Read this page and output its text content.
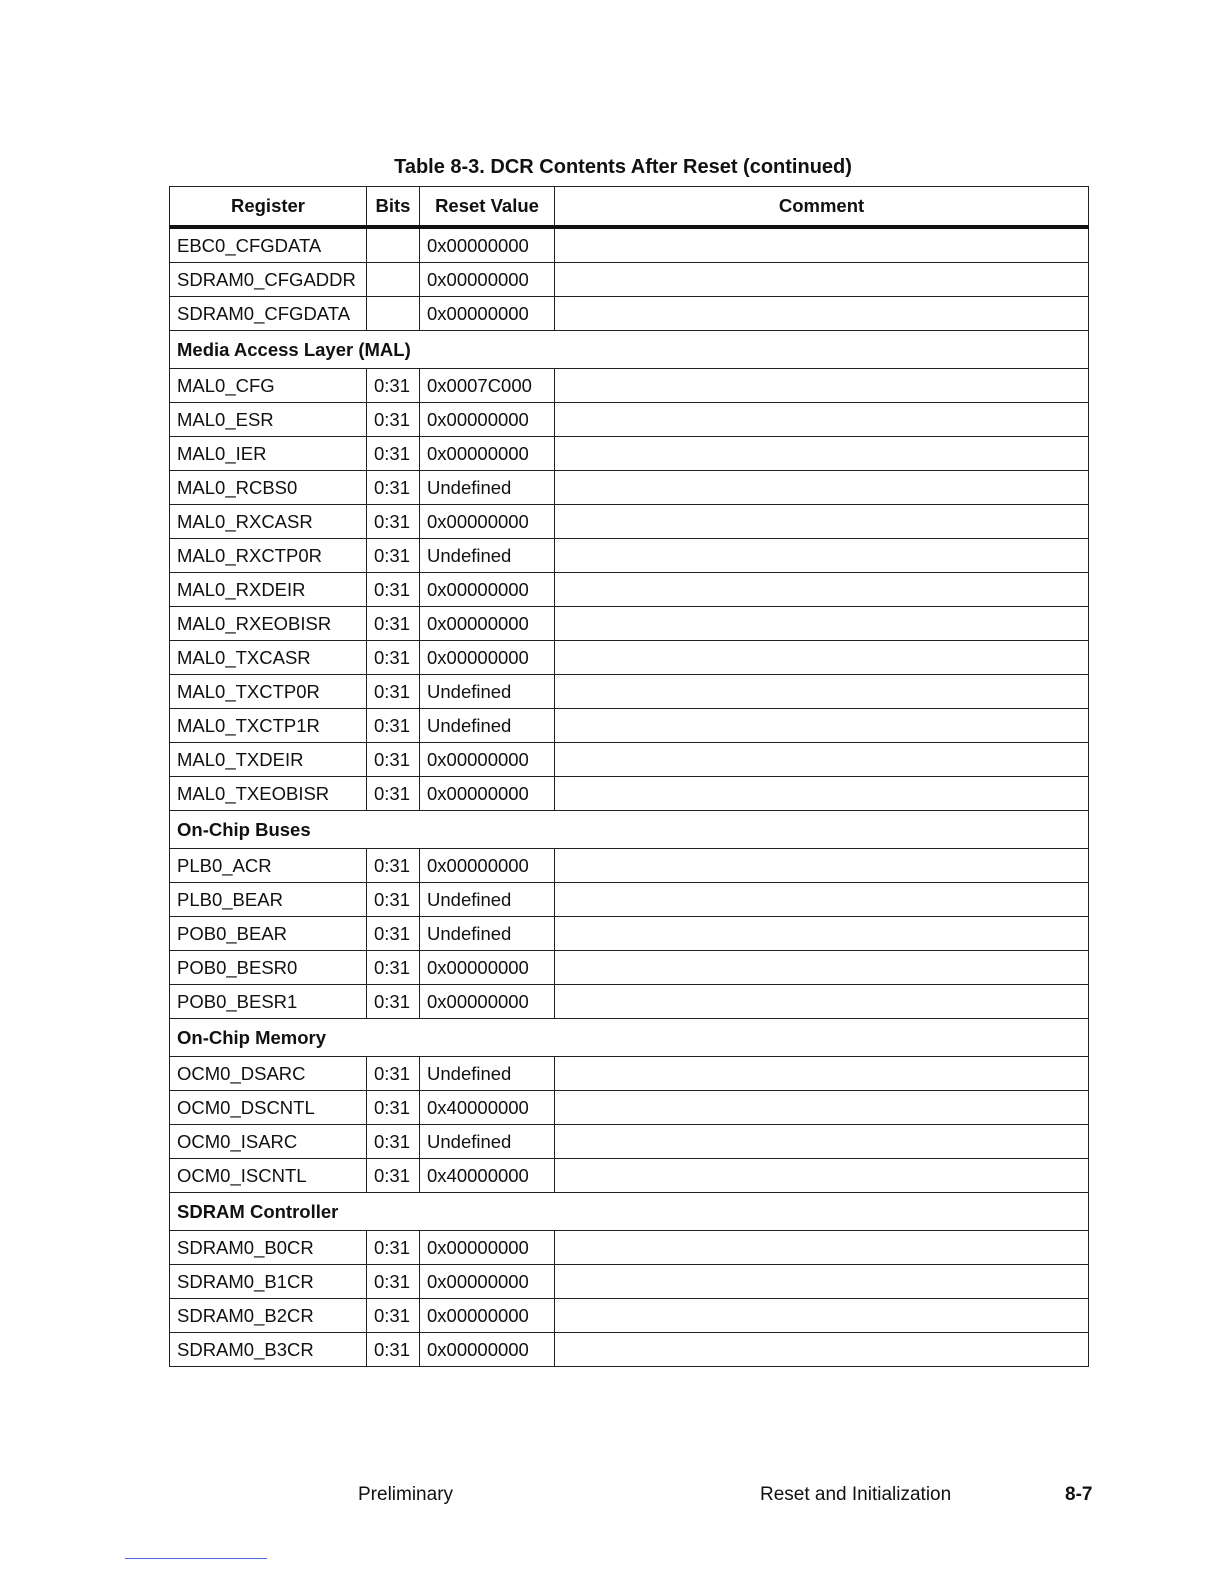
Table 8-3. DCR Contents After Reset (continued)
Register	Bits	Reset Value	Comment
EBC0_CFGDATA		0x00000000	
SDRAM0_CFGADDR		0x00000000	
SDRAM0_CFGDATA		0x00000000	
Media Access Layer (MAL)			
MAL0_CFG	0:31	0x0007C000	
MAL0_ESR	0:31	0x00000000	
MAL0_IER	0:31	0x00000000	
MAL0_RCBS0	0:31	Undefined	
MAL0_RXCASR	0:31	0x00000000	
MAL0_RXCTP0R	0:31	Undefined	
MAL0_RXDEIR	0:31	0x00000000	
MAL0_RXEOBISR	0:31	0x00000000	
MAL0_TXCASR	0:31	0x00000000	
MAL0_TXCTP0R	0:31	Undefined	
MAL0_TXCTP1R	0:31	Undefined	
MAL0_TXDEIR	0:31	0x00000000	
MAL0_TXEOBISR	0:31	0x00000000	
On-Chip Buses			
PLB0_ACR	0:31	0x00000000	
PLB0_BEAR	0:31	Undefined	
POB0_BEAR	0:31	Undefined	
POB0_BESR0	0:31	0x00000000	
POB0_BESR1	0:31	0x00000000	
On-Chip Memory			
OCM0_DSARC	0:31	Undefined	
OCM0_DSCNTL	0:31	0x40000000	
OCM0_ISARC	0:31	Undefined	
OCM0_ISCNTL	0:31	0x40000000	
SDRAM Controller			
SDRAM0_B0CR	0:31	0x00000000	
SDRAM0_B1CR	0:31	0x00000000	
SDRAM0_B2CR	0:31	0x00000000	
SDRAM0_B3CR	0:31	0x00000000	
Preliminary	Reset and Initialization	8-7
